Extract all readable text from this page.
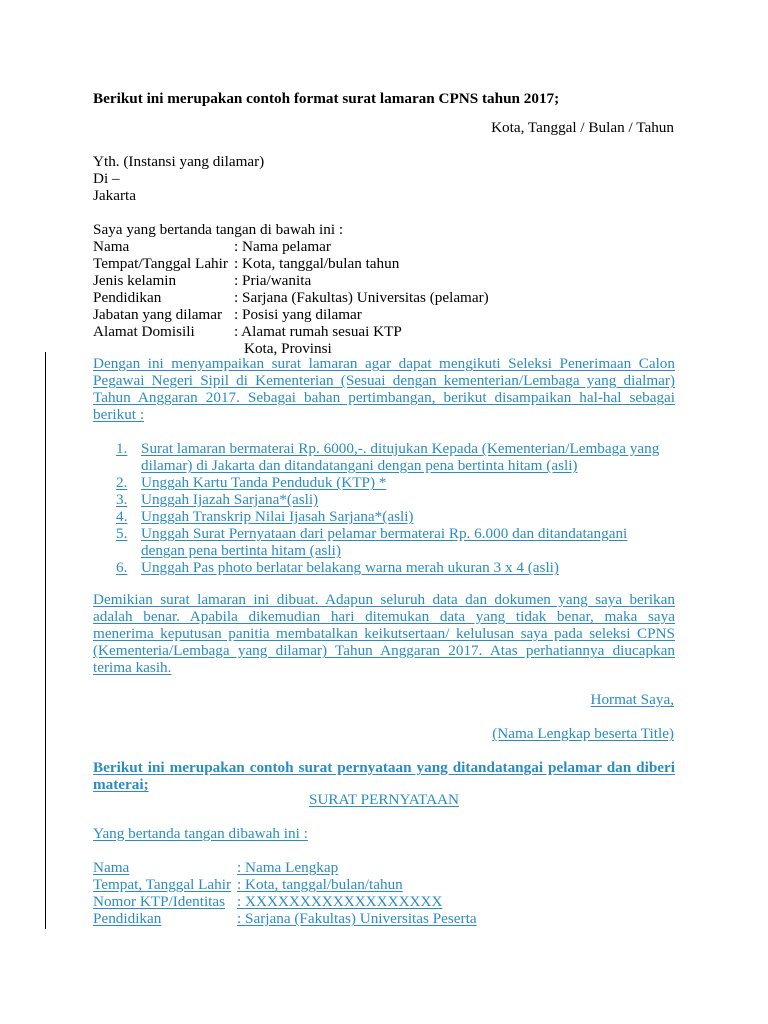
Berikut ini merupakan contoh format surat lamaran CPNS tahun 2017;
Kota, Tanggal / Bulan / Tahun
Yth. (Instansi yang dilamar)
Di –
Jakarta
Saya yang bertanda tangan di bawah ini :
Nama	: Nama pelamar
Tempat/Tanggal Lahir : Kota, tanggal/bulan tahun
Jenis kelamin	: Pria/wanita
Pendidikan	: Sarjana (Fakultas) Universitas (pelamar)
Jabatan yang dilamar : Posisi yang dilamar
Alamat Domisili	: Alamat rumah sesuai KTP
Kota, Provinsi
Dengan ini menyampaikan surat lamaran agar dapat mengikuti Seleksi Penerimaan Calon
Pegawai Negeri Sipil di Kementerian (Sesuai dengan kementerian/Lembaga yang dialmar)
Tahun Anggaran 2017. Sebagai bahan pertimbangan, berikut disampaikan hal-hal sebagai
berikut :
1. Surat lamaran bermaterai Rp. 6000,-. ditujukan Kepada (Kementerian/Lembaga yang
dilamar) di Jakarta dan ditandatangani dengan pena bertinta hitam (asli)
2. Unggah Kartu Tanda Penduduk (KTP) *
3. Unggah Ijazah Sarjana*(asli)
4. Unggah Transkrip Nilai Ijasah Sarjana*(asli)
5. Unggah Surat Pernyataan dari pelamar bermaterai Rp. 6.000 dan ditandatangani
dengan pena bertinta hitam (asli)
6. Unggah Pas photo berlatar belakang warna merah ukuran 3 x 4 (asli)
Demikian surat lamaran ini dibuat. Adapun seluruh data dan dokumen yang saya berikan
adalah benar. Apabila dikemudian hari ditemukan data yang tidak benar, maka saya
menerima keputusan panitia membatalkan keikutsertaan/ kelulusan saya pada seleksi CPNS
(Kementeria/Lembaga yang dilamar) Tahun Anggaran 2017. Atas perhatiannya diucapkan
terima kasih.
Hormat Saya,
(Nama Lengkap beserta Title)
Berikut ini merupakan contoh surat pernyataan yang ditandatangai pelamar dan diberi
materai;
SURAT PERNYATAAN
Yang bertanda tangan dibawah ini :
Nama	: Nama Lengkap
Tempat, Tanggal Lahir : Kota, tanggal/bulan/tahun
Nomor KTP/Identitas : XXXXXXXXXXXXXXXXXX
Pendidikan	: Sarjana (Fakultas) Universitas Peserta
